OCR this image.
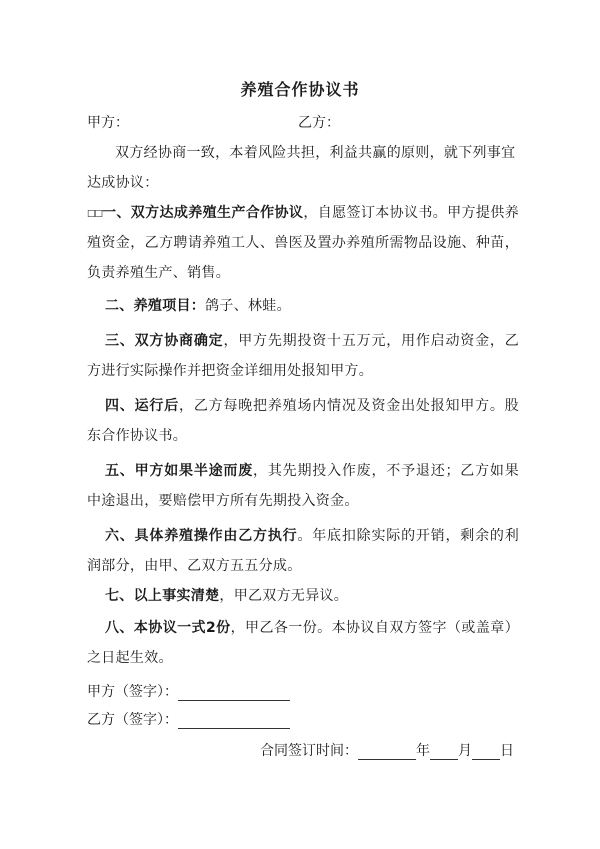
养殖合作协议书
甲方：	乙方：
双方经协商一致，本着风险共担，利益共赢的原则，就下列事宜
达成协议：
☐☐一、双方达成养殖生产合作协议，自愿签订本协议书。甲方提供养殖资金，乙方聘请养殖工人、兽医及置办养殖所需物品设施、种苗，负责养殖生产、销售。
二、养殖项目：鸽子、林蛙。
三、双方协商确定，甲方先期投资十五万元，用作启动资金，乙方进行实际操作并把资金详细用处报知甲方。
四、运行后，乙方每晚把养殖场内情况及资金出处报知甲方。股东合作协议书。
五、甲方如果半途而废，其先期投入作废，不予退还；乙方如果中途退出，要赔偿甲方所有先期投入资金。
六、具体养殖操作由乙方执行。年底扣除实际的开销，剩余的利润部分，由甲、乙双方五五分成。
七、以上事实清楚，甲乙双方无异议。
八、本协议一式2份，甲乙各一份。本协议自双方签字（或盖章）之日起生效。
甲方（签字）：
乙方（签字）：
合同签订时间：	年 月 日
